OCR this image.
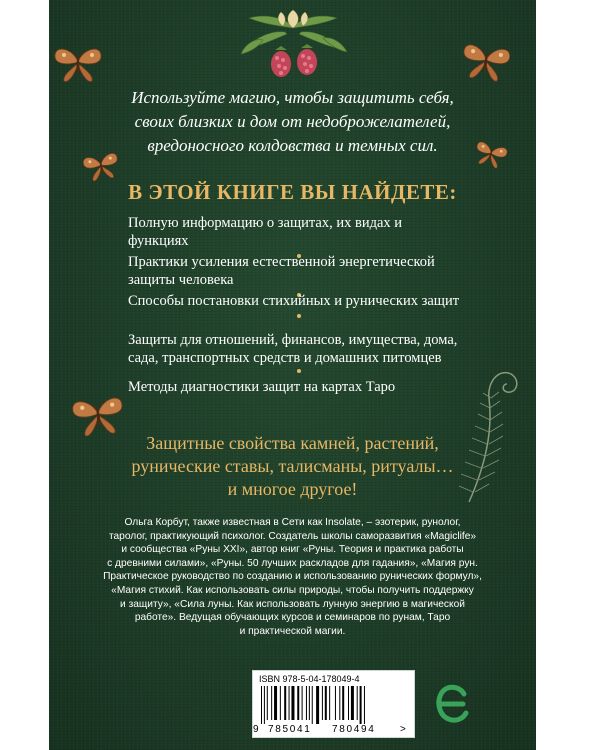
Используйте магию, чтобы защитить себя,
своих близких и дом от недоброжелателей,
вредоносного колдовства и темных сил.

В ЭТОЙ КНИГЕ ВЫ НАЙДЕТЕ:
Полную информацию о защитах, их видах и
функциях
Практики усиления естественной энергетической
защиты человека
Способы постановки стихийных и рунических защит
Защиты для отношений, финансов, имущества, дома,
сада, транспортных средств и домашних питомцев
Методы диагностики защит на картах Таро

Защитные свойства камней, растений,
рунические ставы, талисманы, ритуалы…
и многое другое!

Ольга Корбут, также известная в Сети как Insolate, – эзотерик, рунолог,
таролог, практикующий психолог. Создатель школы саморазвития «Magiclife»
и сообщества «Руны XXI», автор книг «Руны. Теория и практика работы
с древними силами», «Руны. 50 лучших раскладов для гадания», «Магия рун.
Практическое руководство по созданию и использованию рунических формул»,
«Магия стихий. Как использовать силы природы, чтобы получить поддержку
и защиту», «Сила луны. Как использовать лунную энергию в магической
работе». Ведущая обучающих курсов и семинаров по рунам, Таро
и практической магии.

ISBN 978-5-04-178049-4
9 785041 780494 >
